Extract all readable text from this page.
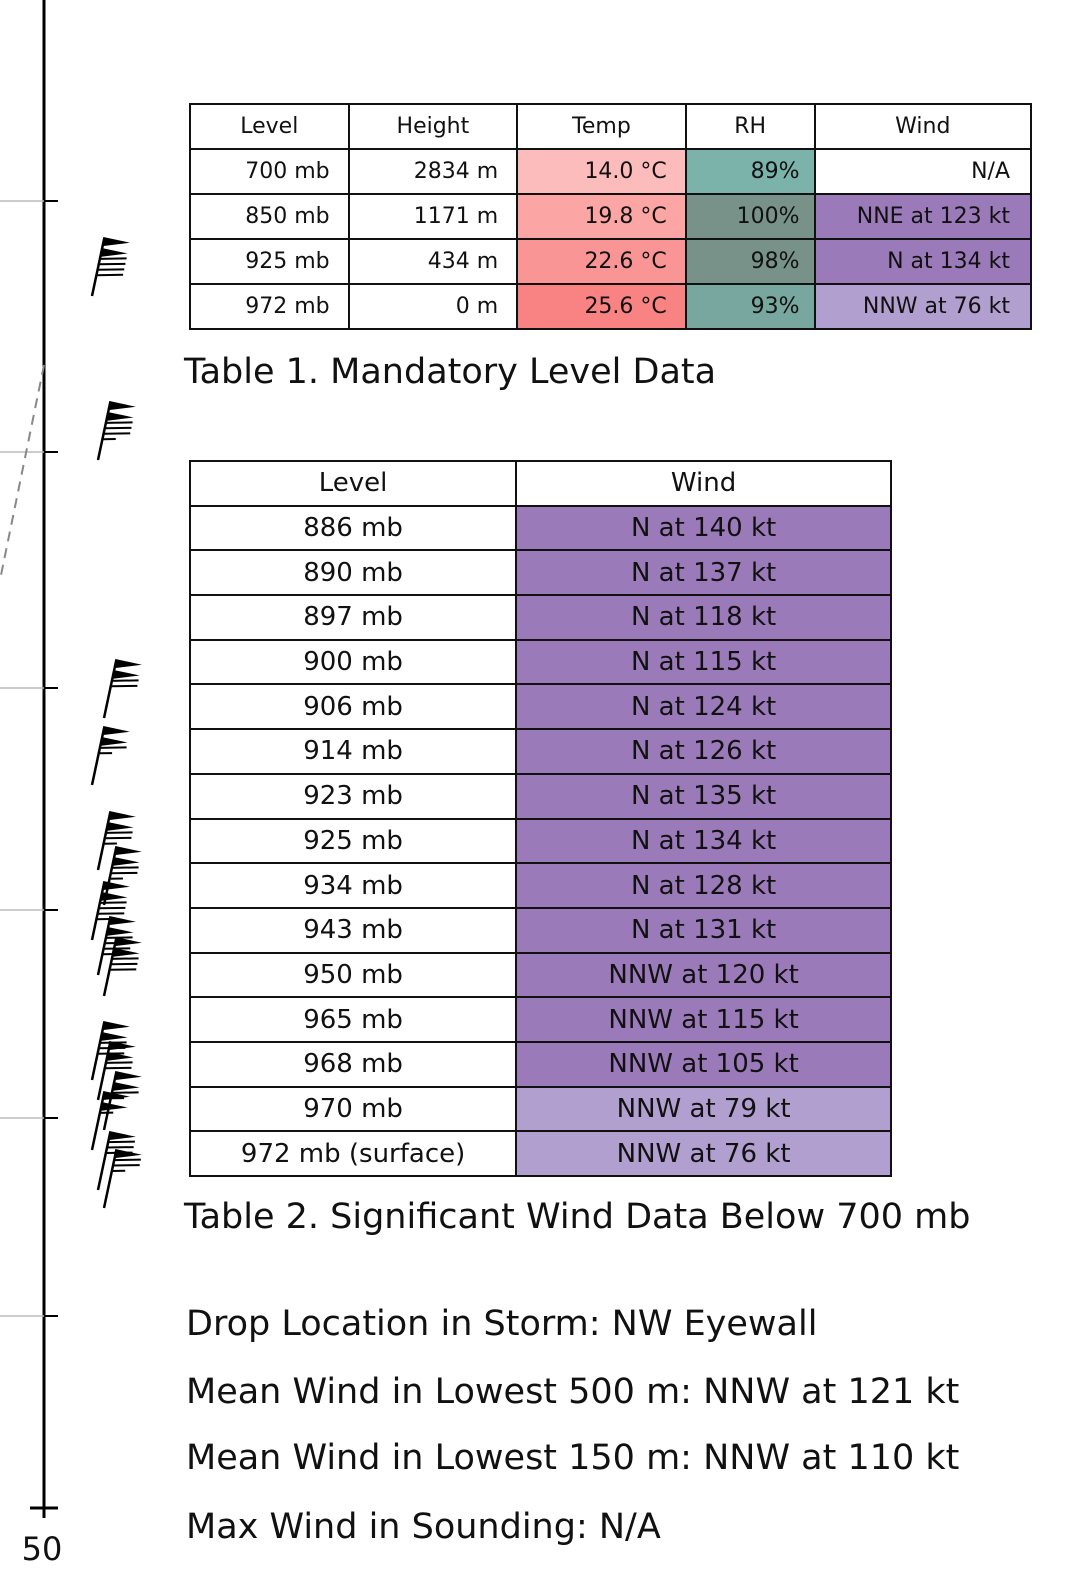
50
Level	Height	Temp	RH	Wind
700 mb	2834 m	14.0 °C	89%	N/A
850 mb	1171 m	19.8 °C	100%	NNE at 123 kt
925 mb	434 m	22.6 °C	98%	N at 134 kt
972 mb	0 m	25.6 °C	93%	NNW at 76 kt
Table 1. Mandatory Level Data
Level	Wind
886 mb	N at 140 kt
890 mb	N at 137 kt
897 mb	N at 118 kt
900 mb	N at 115 kt
906 mb	N at 124 kt
914 mb	N at 126 kt
923 mb	N at 135 kt
925 mb	N at 134 kt
934 mb	N at 128 kt
943 mb	N at 131 kt
950 mb	NNW at 120 kt
965 mb	NNW at 115 kt
968 mb	NNW at 105 kt
970 mb	NNW at 79 kt
972 mb (surface)	NNW at 76 kt
Table 2. Significant Wind Data Below 700 mb
Drop Location in Storm: NW Eyewall
Mean Wind in Lowest 500 m: NNW at 121 kt
Mean Wind in Lowest 150 m: NNW at 110 kt
Max Wind in Sounding: N/A
